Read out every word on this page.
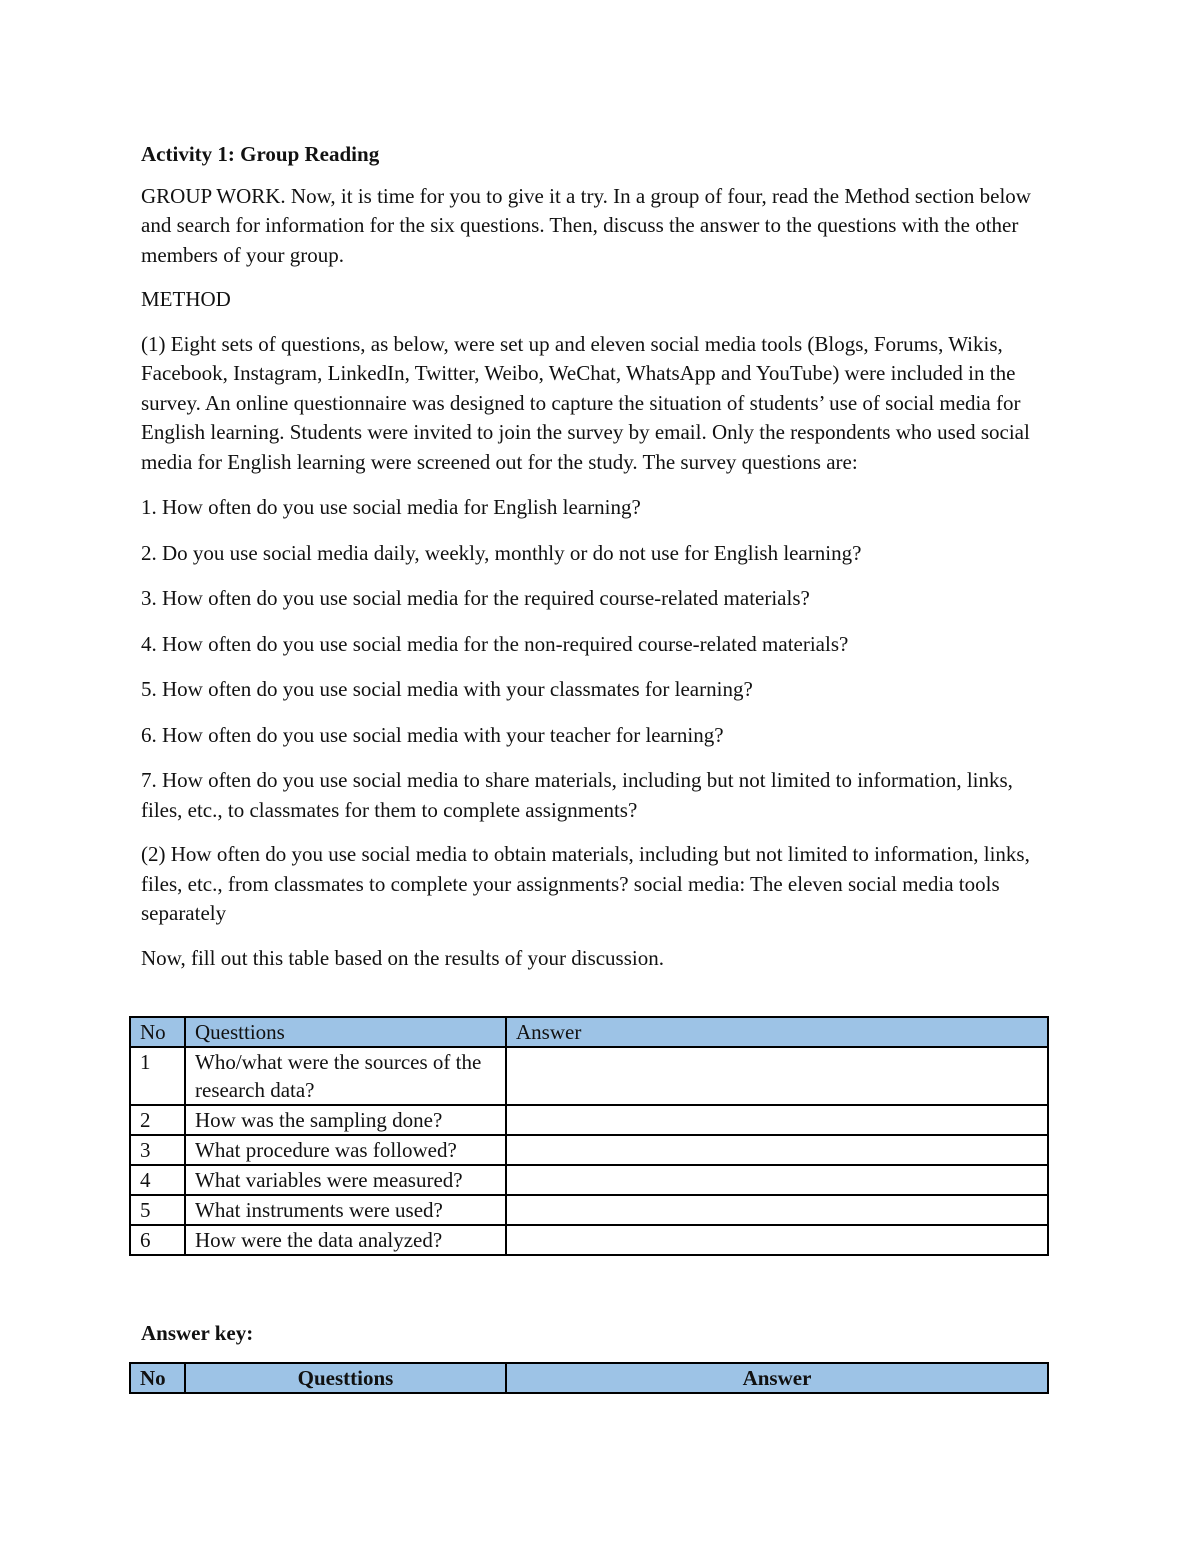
Activity 1: Group Reading

GROUP WORK. Now, it is time for you to give it a try. In a group of four, read the Method section below and search for information for the six questions. Then, discuss the answer to the questions with the other members of your group.

METHOD

(1) Eight sets of questions, as below, were set up and eleven social media tools (Blogs, Forums, Wikis, Facebook, Instagram, LinkedIn, Twitter, Weibo, WeChat, WhatsApp and YouTube) were included in the survey. An online questionnaire was designed to capture the situation of students’ use of social media for English learning. Students were invited to join the survey by email. Only the respondents who used social media for English learning were screened out for the study. The survey questions are:

1. How often do you use social media for English learning?

2. Do you use social media daily, weekly, monthly or do not use for English learning?

3. How often do you use social media for the required course-related materials?

4. How often do you use social media for the non-required course-related materials?

5. How often do you use social media with your classmates for learning?

6. How often do you use social media with your teacher for learning?

7. How often do you use social media to share materials, including but not limited to information, links, files, etc., to classmates for them to complete assignments?

(2) How often do you use social media to obtain materials, including but not limited to information, links, files, etc., from classmates to complete your assignments? social media: The eleven social media tools separately

Now, fill out this table based on the results of your discussion.

No	Questtions	Answer
1	Who/what were the sources of the research data?	
2	How was the sampling done?	
3	What procedure was followed?	
4	What variables were measured?	
5	What instruments were used?	
6	How were the data analyzed?	

Answer key:

No	Questtions	Answer
